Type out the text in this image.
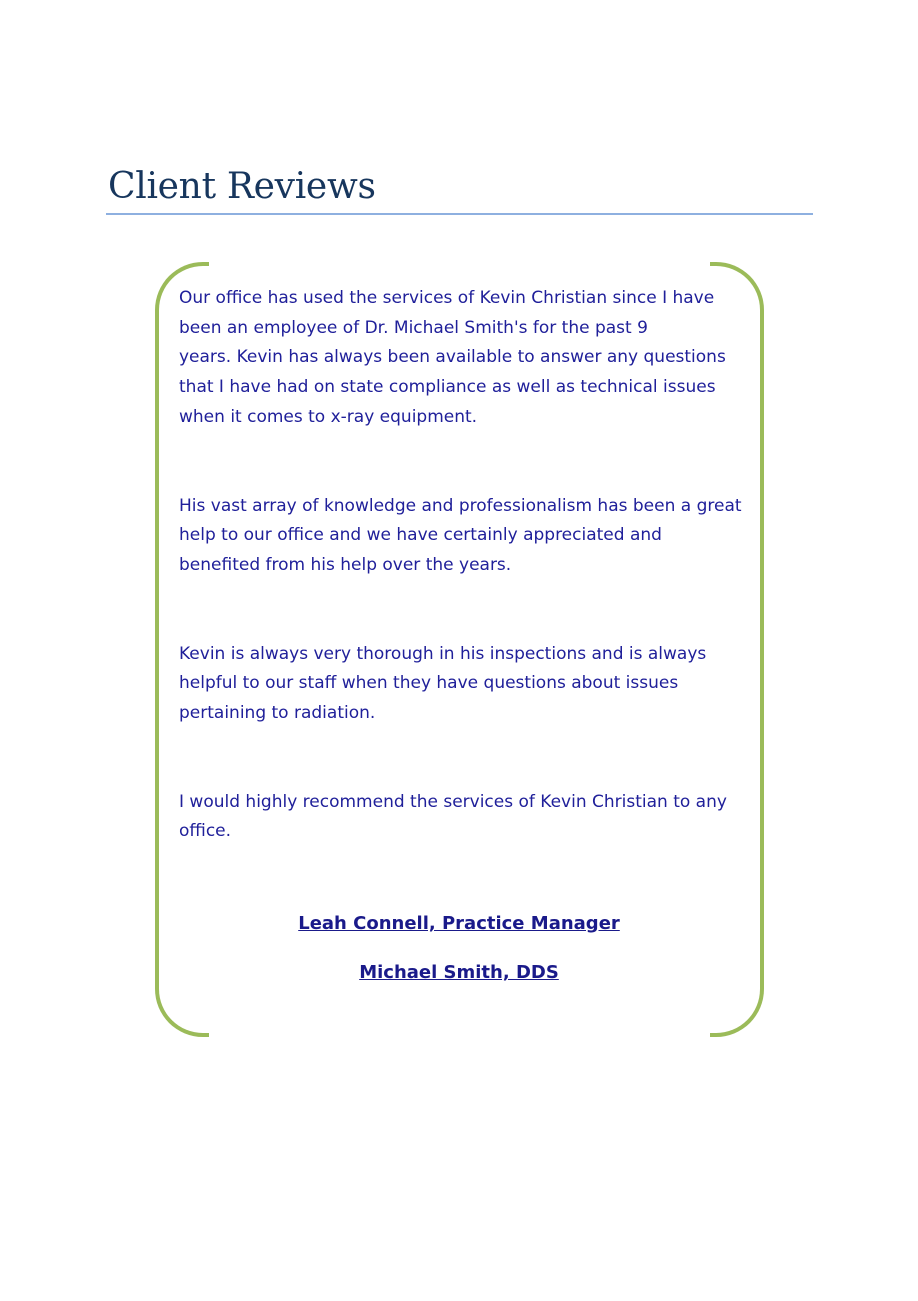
Client Reviews

Our office has used the services of Kevin Christian since I have
been an employee of Dr. Michael Smith's for the past 9
years. Kevin has always been available to answer any questions
that I have had on state compliance as well as technical issues
when it comes to x-ray equipment.

His vast array of knowledge and professionalism has been a great
help to our office and we have certainly appreciated and
benefited from his help over the years.

Kevin is always very thorough in his inspections and is always
helpful to our staff when they have questions about issues
pertaining to radiation.

I would highly recommend the services of Kevin Christian to any
office.

Leah Connell, Practice Manager
Michael Smith, DDS
